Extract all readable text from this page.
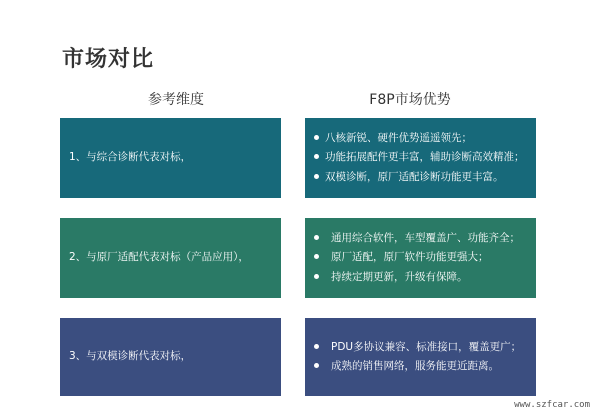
市场对比
参考维度	F8P市场优势
1、与综合诊断代表对标，
八核新锐、硬件优势遥遥领先；
功能拓展配件更丰富，辅助诊断高效精准；
双模诊断，原厂适配诊断功能更丰富。
2、与原厂适配代表对标（产品应用），
通用综合软件，车型覆盖广、功能齐全；
原厂适配，原厂软件功能更强大；
持续定期更新，升级有保障。
3、与双模诊断代表对标，
PDU多协议兼容、标准接口，覆盖更广；
成熟的销售网络，服务能更近距离。
www.szfcar.com
